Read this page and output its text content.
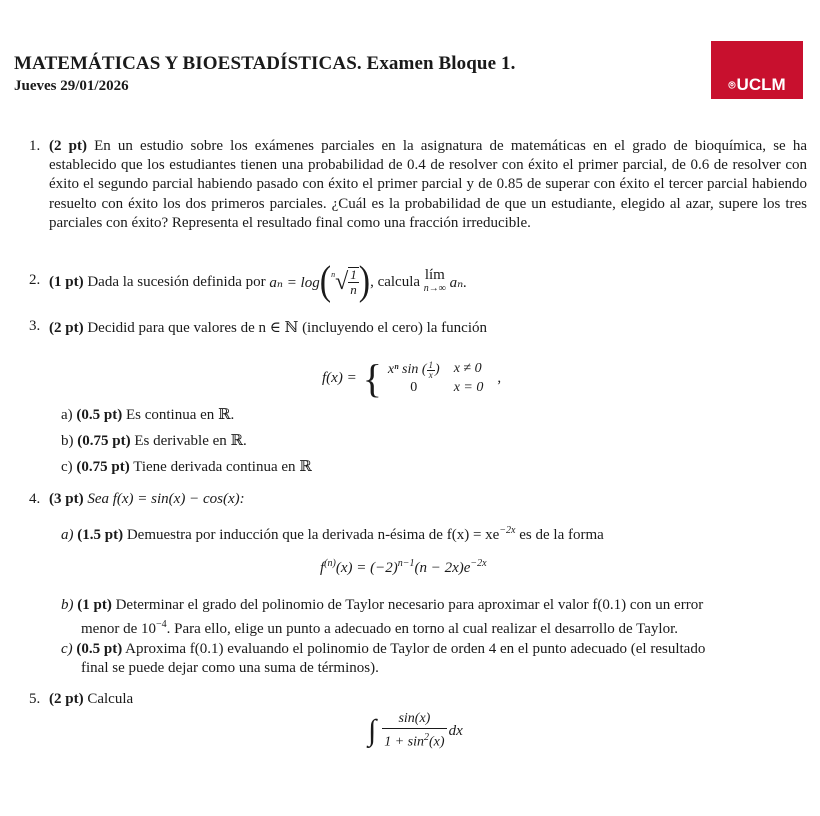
MATEMÁTICAS Y BIOESTADÍSTICAS. Examen Bloque 1.
Jueves 29/01/2026	⌾ UCLM
1. (2 pt) En un estudio sobre los exámenes parciales en la asignatura de matemáticas en el grado de bioquímica, se ha establecido que los estudiantes tienen una probabilidad de 0.4 de resolver con éxito el primer parcial, de 0.6 de resolver con éxito el segundo parcial habiendo pasado con éxito el primer parcial y de 0.85 de superar con éxito el tercer parcial habiendo resuelto con éxito los dos primeros parciales. ¿Cuál es la probabilidad de que un estudiante, elegido al azar, supere los tres parciales con éxito? Representa el resultado final como una fracción irreducible.
2. (1 pt)
Dada la sucesión definida por
aₙ = log ($^n$ √ $\frac{1}{n}$ ) , calcula
lím
n→∞
aₙ.
3. (2 pt) Decidid para que valores de n ∈ ℕ (incluyendo el cero) la función
f(x) = { xⁿ sin ( $\frac{1}{x}$ ) x ≠ 0
0	x = 0
,
a) (0.5 pt) Es continua en ℝ.
b) (0.75 pt) Es derivable en ℝ.
c) (0.75 pt) Tiene derivada continua en ℝ
4. (3 pt) Sea f(x) = sin(x) − cos(x):
a) (1.5 pt) Demuestra por inducción que la derivada n-ésima de $f(x) = xe^{-2x}$ es de la forma
$f^{(n)}(x) = (-2)^{n-1}(n - 2x)e^{-2x}$
b) (1 pt) Determinar el grado del polinomio de Taylor necesario para aproximar el valor f(0.1) con un error
menor de $10^{-4}$. Para ello, elige un punto a adecuado en torno al cual realizar el desarrollo de Taylor.
c) (0.5 pt) Aproxima f(0.1) evaluando el polinomio de Taylor de orden 4 en el punto adecuado (el resultado
final se puede dejar como una suma de términos).
5. (2 pt) Calcula
∫ $\frac{\sin(x)}{1 + \sin^2(x)}$ dx
